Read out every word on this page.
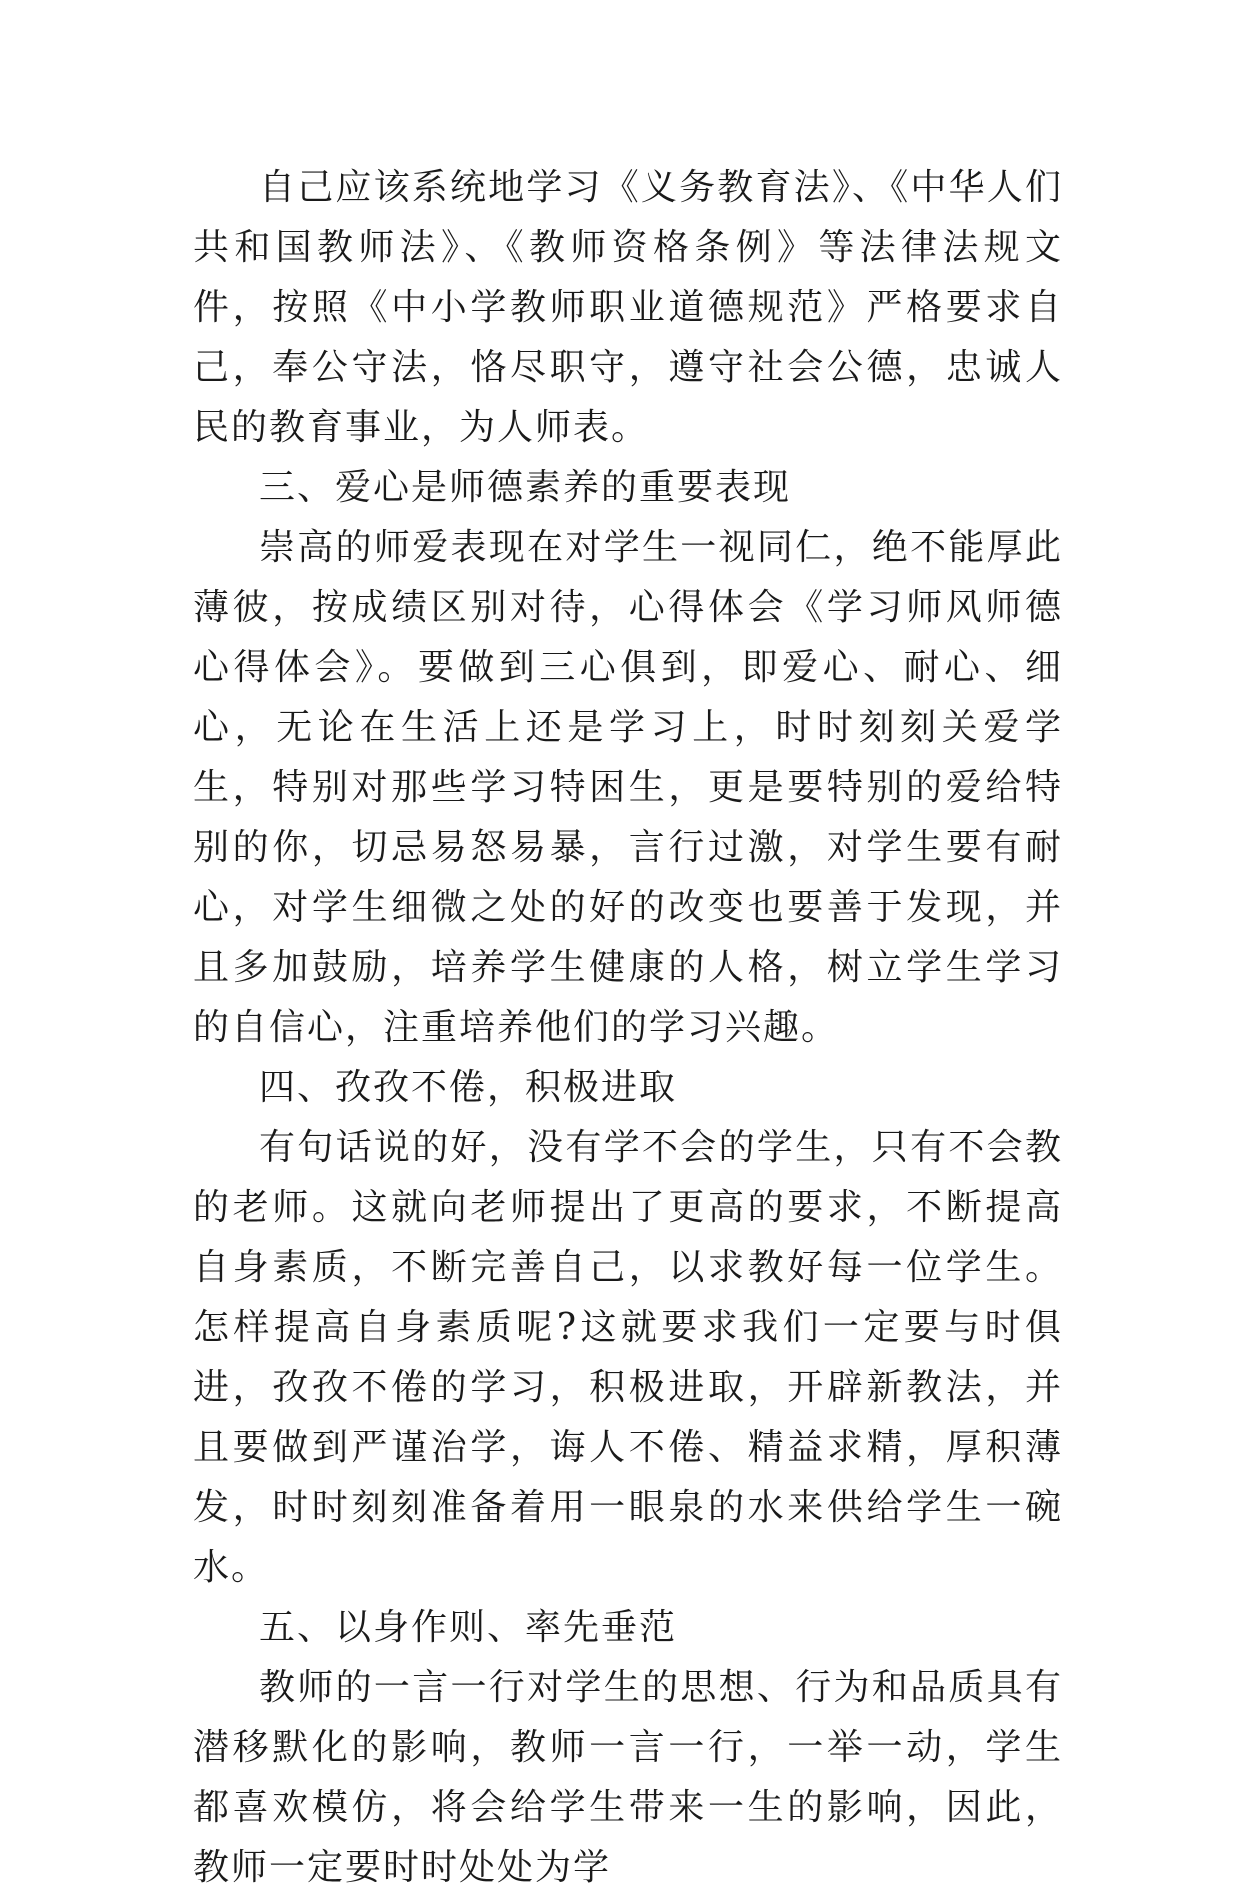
自己应该系统地学习《义务教育法》、《中华人们共和国教师法》、《教师资格条例》等法律法规文件，按照《中小学教师职业道德规范》严格要求自己，奉公守法，恪尽职守，遵守社会公德，忠诚人民的教育事业，为人师表。

三、爱心是师德素养的重要表现

崇高的师爱表现在对学生一视同仁，绝不能厚此薄彼，按成绩区别对待，心得体会《学习师风师德心得体会》。要做到三心俱到，即爱心、耐心、细心，无论在生活上还是学习上，时时刻刻关爱学生，特别对那些学习特困生，更是要特别的爱给特别的你，切忌易怒易暴，言行过激，对学生要有耐心，对学生细微之处的好的改变也要善于发现，并且多加鼓励，培养学生健康的人格，树立学生学习的自信心，注重培养他们的学习兴趣。

四、孜孜不倦，积极进取

有句话说的好，没有学不会的学生，只有不会教的老师。这就向老师提出了更高的要求，不断提高自身素质，不断完善自己，以求教好每一位学生。怎样提高自身素质呢?这就要求我们一定要与时俱进，孜孜不倦的学习，积极进取，开辟新教法，并且要做到严谨治学，诲人不倦、精益求精，厚积薄发，时时刻刻准备着用一眼泉的水来供给学生一碗水。

五、以身作则、率先垂范

教师的一言一行对学生的思想、行为和品质具有潜移默化的影响，教师一言一行，一举一动，学生都喜欢模仿，将会给学生带来一生的影响，因此，教师一定要时时处处为学
